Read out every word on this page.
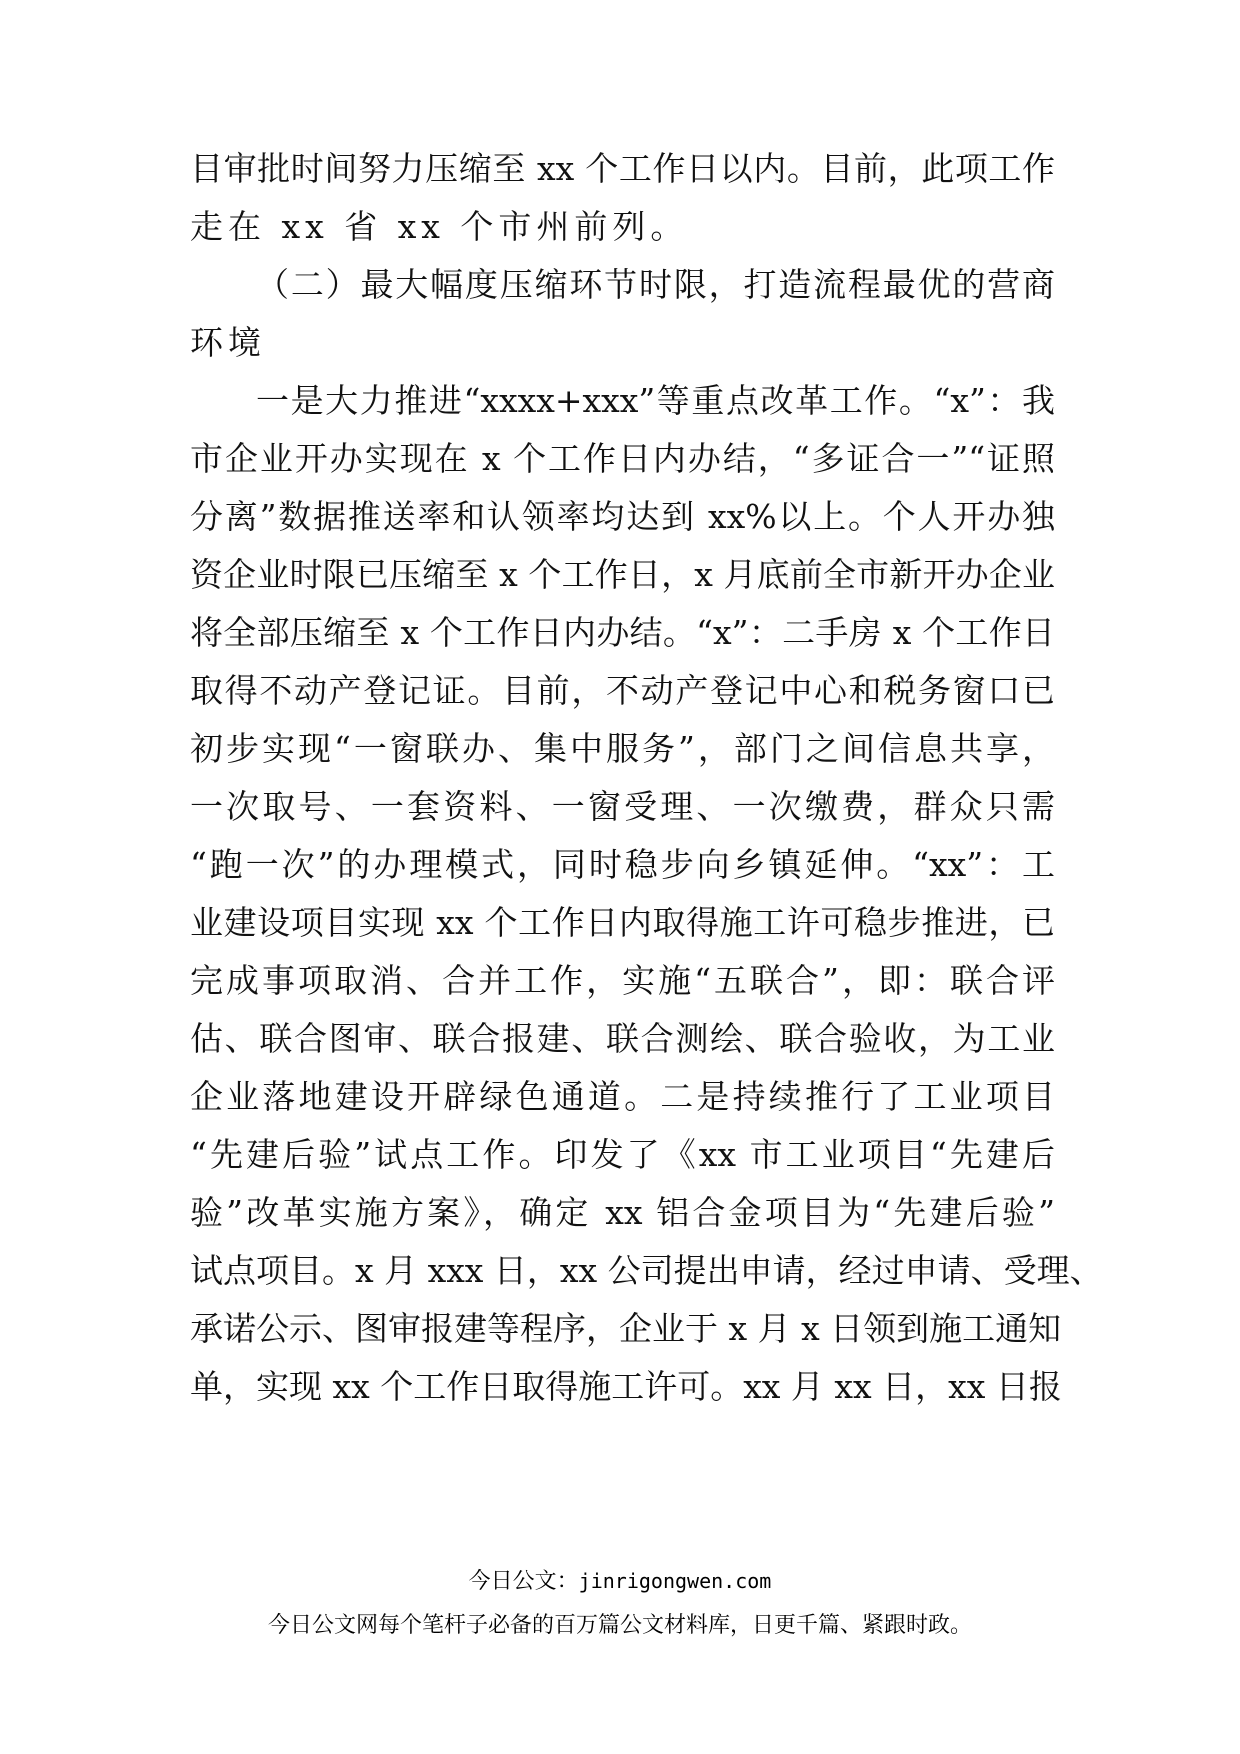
目审批时间努力压缩至 xx 个工作日以内。目前，此项工作
走在 xx 省 xx 个市州前列。
（二）最大幅度压缩环节时限，打造流程最优的营商
环境
一是大力推进“xxxx+xxx”等重点改革工作。“x”：我
市企业开办实现在 x 个工作日内办结，“多证合一”“证照
分离”数据推送率和认领率均达到 xx%以上。个人开办独
资企业时限已压缩至 x 个工作日，x 月底前全市新开办企业
将全部压缩至 x 个工作日内办结。“x”：二手房 x 个工作日
取得不动产登记证。目前，不动产登记中心和税务窗口已
初步实现“一窗联办、集中服务”，部门之间信息共享，
一次取号、一套资料、一窗受理、一次缴费，群众只需
“跑一次”的办理模式，同时稳步向乡镇延伸。“xx”：工
业建设项目实现 xx 个工作日内取得施工许可稳步推进，已
完成事项取消、合并工作，实施“五联合”，即：联合评
估、联合图审、联合报建、联合测绘、联合验收，为工业
企业落地建设开辟绿色通道。二是持续推行了工业项目
“先建后验”试点工作。印发了《xx 市工业项目“先建后
验”改革实施方案》，确定 xx 铝合金项目为“先建后验”
试点项目。x 月 xxx 日，xx 公司提出申请，经过申请、受理、
承诺公示、图审报建等程序，企业于 x 月 x 日领到施工通知
单，实现 xx 个工作日取得施工许可。xx 月 xx 日，xx 日报
今日公文：jinrigongwen.com
今日公文网每个笔杆子必备的百万篇公文材料库，日更千篇、紧跟时政。
